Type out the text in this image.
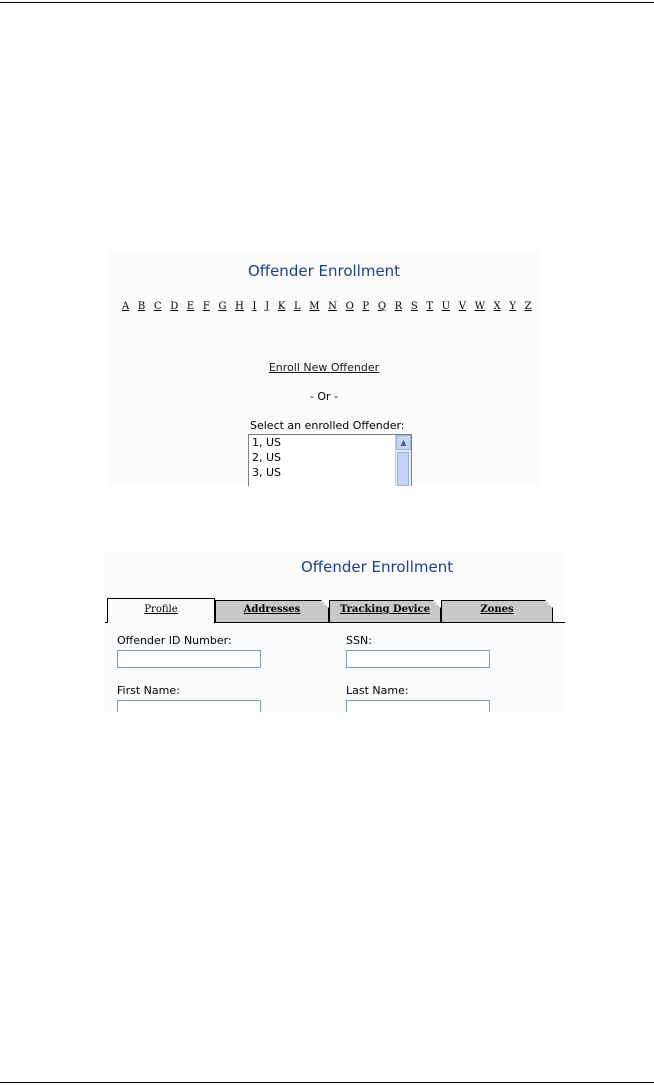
Offender Enrollment
A B C D E F G H I J K L M N O P Q R S T U V W X Y Z
Enroll New Offender
- Or -
Select an enrolled Offender:
1, US
2, US
3, US
▲
Offender Enrollment
Profile	Addresses	Tracking Device	Zones
Offender ID Number:	SSN:
First Name:	Last Name:
